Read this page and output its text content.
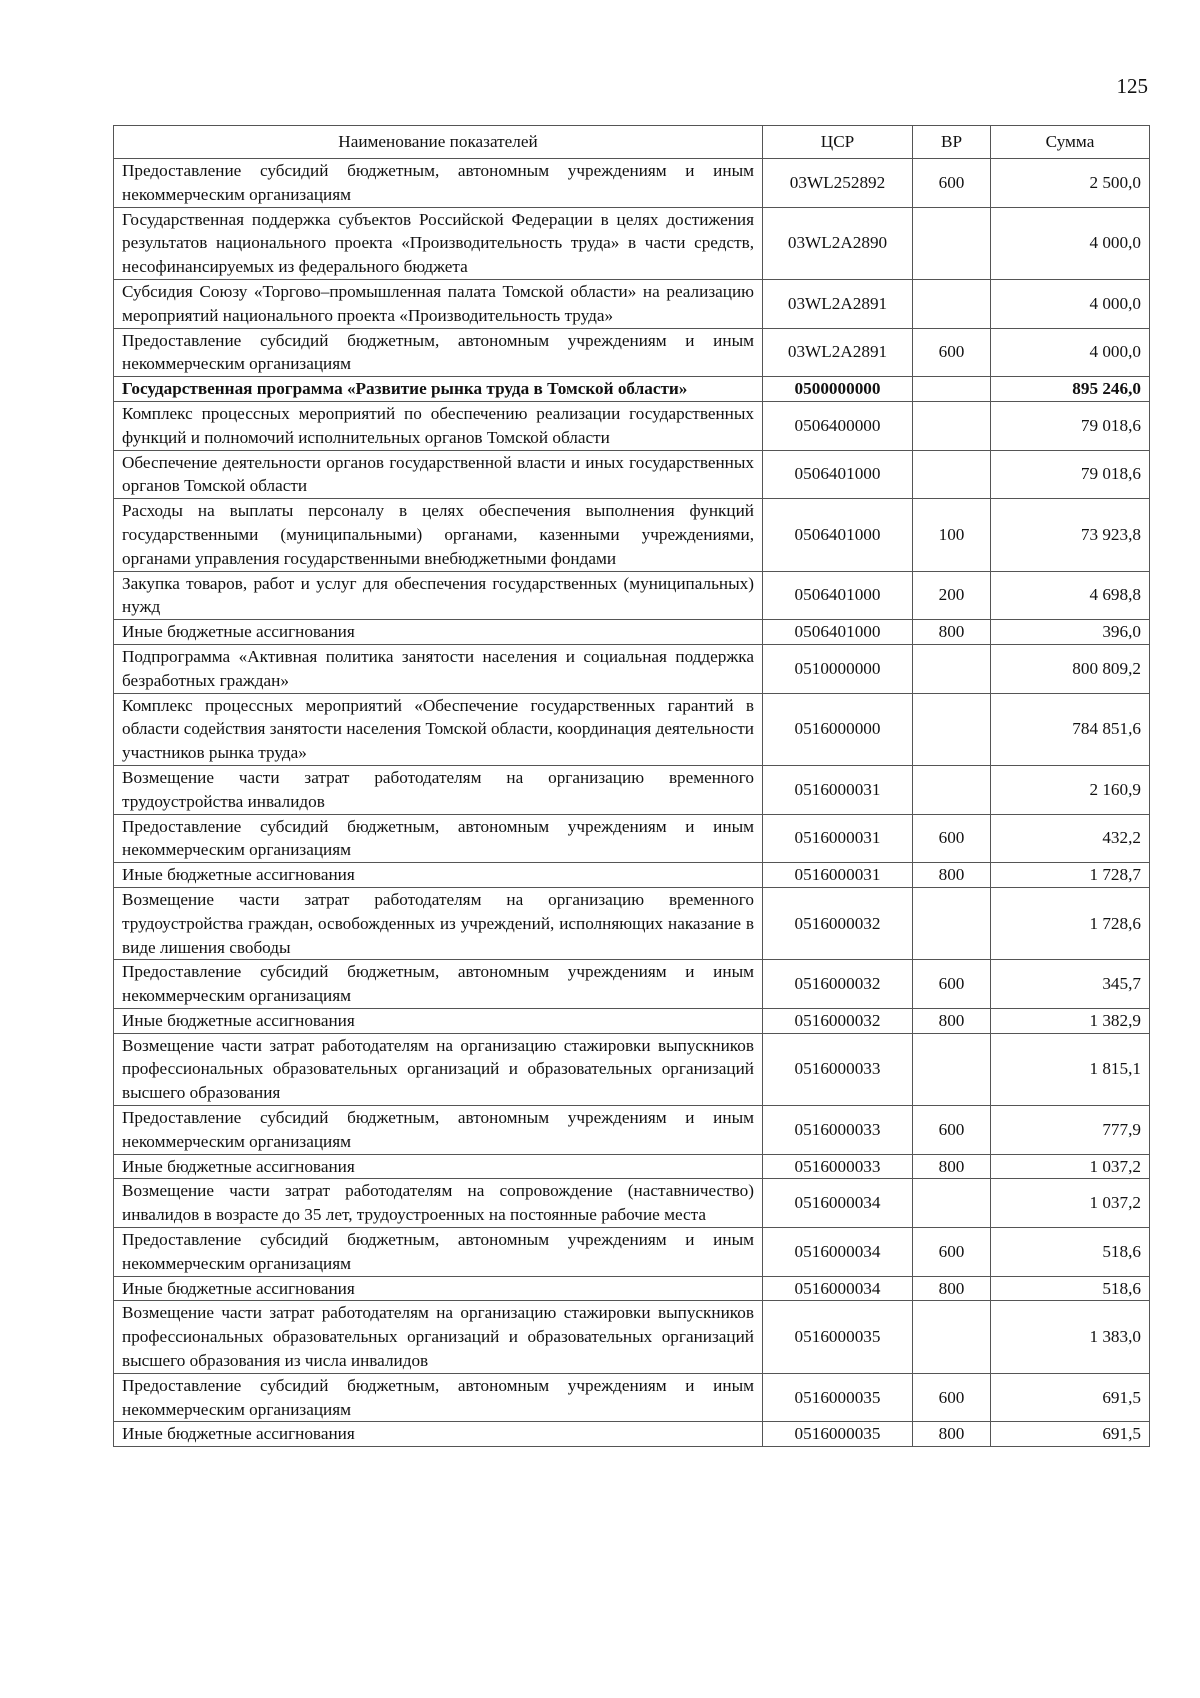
125
Наименование показателей	ЦСР	ВР	Сумма
Предоставление субсидий бюджетным, автономным учреждениям и иным некоммерческим организациям	03WL252892	600	2 500,0
Государственная поддержка субъектов Российской Федерации в целях достижения результатов национального проекта «Производительность труда» в части средств, несофинансируемых из федерального бюджета	03WL2A2890		4 000,0
Субсидия Союзу «Торгово–промышленная палата Томской области» на реализацию мероприятий национального проекта «Производительность труда»	03WL2A2891		4 000,0
Предоставление субсидий бюджетным, автономным учреждениям и иным некоммерческим организациям	03WL2A2891	600	4 000,0
Государственная программа «Развитие рынка труда в Томской области»	0500000000		895 246,0
Комплекс процессных мероприятий по обеспечению реализации государственных функций и полномочий исполнительных органов Томской области	0506400000		79 018,6
Обеспечение деятельности органов государственной власти и иных государственных органов Томской области	0506401000		79 018,6
Расходы на выплаты персоналу в целях обеспечения выполнения функций государственными (муниципальными) органами, казенными учреждениями, органами управления государственными внебюджетными фондами	0506401000	100	73 923,8
Закупка товаров, работ и услуг для обеспечения государственных (муниципальных) нужд	0506401000	200	4 698,8
Иные бюджетные ассигнования	0506401000	800	396,0
Подпрограмма «Активная политика занятости населения и социальная поддержка безработных граждан»	0510000000		800 809,2
Комплекс процессных мероприятий «Обеспечение государственных гарантий в области содействия занятости населения Томской области, координация деятельности участников рынка труда»	0516000000		784 851,6
Возмещение части затрат работодателям на организацию временного трудоустройства инвалидов	0516000031		2 160,9
Предоставление субсидий бюджетным, автономным учреждениям и иным некоммерческим организациям	0516000031	600	432,2
Иные бюджетные ассигнования	0516000031	800	1 728,7
Возмещение части затрат работодателям на организацию временного трудоустройства граждан, освобожденных из учреждений, исполняющих наказание в виде лишения свободы	0516000032		1 728,6
Предоставление субсидий бюджетным, автономным учреждениям и иным некоммерческим организациям	0516000032	600	345,7
Иные бюджетные ассигнования	0516000032	800	1 382,9
Возмещение части затрат работодателям на организацию стажировки выпускников профессиональных образовательных организаций и образовательных организаций высшего образования	0516000033		1 815,1
Предоставление субсидий бюджетным, автономным учреждениям и иным некоммерческим организациям	0516000033	600	777,9
Иные бюджетные ассигнования	0516000033	800	1 037,2
Возмещение части затрат работодателям на сопровождение (наставничество) инвалидов в возрасте до 35 лет, трудоустроенных на постоянные рабочие места	0516000034		1 037,2
Предоставление субсидий бюджетным, автономным учреждениям и иным некоммерческим организациям	0516000034	600	518,6
Иные бюджетные ассигнования	0516000034	800	518,6
Возмещение части затрат работодателям на организацию стажировки выпускников профессиональных образовательных организаций и образовательных организаций высшего образования из числа инвалидов	0516000035		1 383,0
Предоставление субсидий бюджетным, автономным учреждениям и иным некоммерческим организациям	0516000035	600	691,5
Иные бюджетные ассигнования	0516000035	800	691,5
